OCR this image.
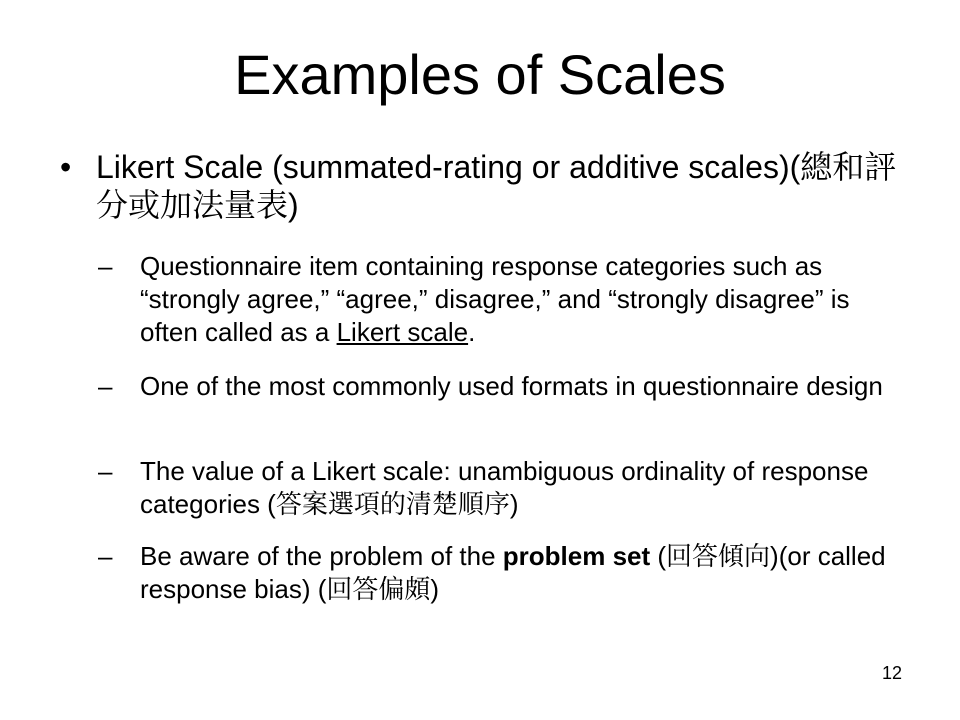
Examples of Scales
• Likert Scale (summated-rating or additive scales)(總和評分或加法量表)
– Questionnaire item containing response categories such as “strongly agree,” “agree,” disagree,” and “strongly disagree” is often called as a Likert scale.
– One of the most commonly used formats in questionnaire design
– The value of a Likert scale: unambiguous ordinality of response categories (答案選項的清楚順序)
– Be aware of the problem of the problem set (回答傾向)(or called response bias) (回答偏頗)
12
